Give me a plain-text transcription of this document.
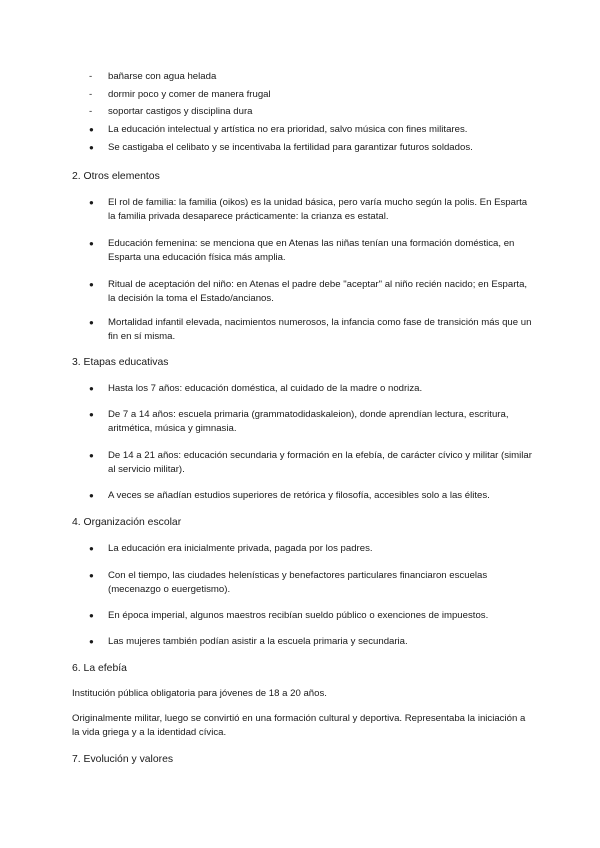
- bañarse con agua helada
- dormir poco y comer de manera frugal
- soportar castigos y disciplina dura
● La educación intelectual y artística no era prioridad, salvo música con fines militares.
● Se castigaba el celibato y se incentivaba la fertilidad para garantizar futuros soldados.
2. Otros elementos
● El rol de familia: la familia (oikos) es la unidad básica, pero varía mucho según la polis. En Esparta la familia privada desaparece prácticamente: la crianza es estatal.
● Educación femenina: se menciona que en Atenas las niñas tenían una formación doméstica, en Esparta una educación física más amplia.
● Ritual de aceptación del niño: en Atenas el padre debe "aceptar" al niño recién nacido; en Esparta, la decisión la toma el Estado/ancianos.
● Mortalidad infantil elevada, nacimientos numerosos, la infancia como fase de transición más que un fin en sí misma.
3. Etapas educativas
● Hasta los 7 años: educación doméstica, al cuidado de la madre o nodriza.
● De 7 a 14 años: escuela primaria (grammatodidaskaleion), donde aprendían lectura, escritura, aritmética, música y gimnasia.
● De 14 a 21 años: educación secundaria y formación en la efebía, de carácter cívico y militar (similar al servicio militar).
● A veces se añadían estudios superiores de retórica y filosofía, accesibles solo a las élites.
4. Organización escolar
● La educación era inicialmente privada, pagada por los padres.
● Con el tiempo, las ciudades helenísticas y benefactores particulares financiaron escuelas (mecenazgo o euergetismo).
● En época imperial, algunos maestros recibían sueldo público o exenciones de impuestos.
● Las mujeres también podían asistir a la escuela primaria y secundaria.
6. La efebía
Institución pública obligatoria para jóvenes de 18 a 20 años.
Originalmente militar, luego se convirtió en una formación cultural y deportiva. Representaba la iniciación a la vida griega y a la identidad cívica.
7. Evolución y valores
